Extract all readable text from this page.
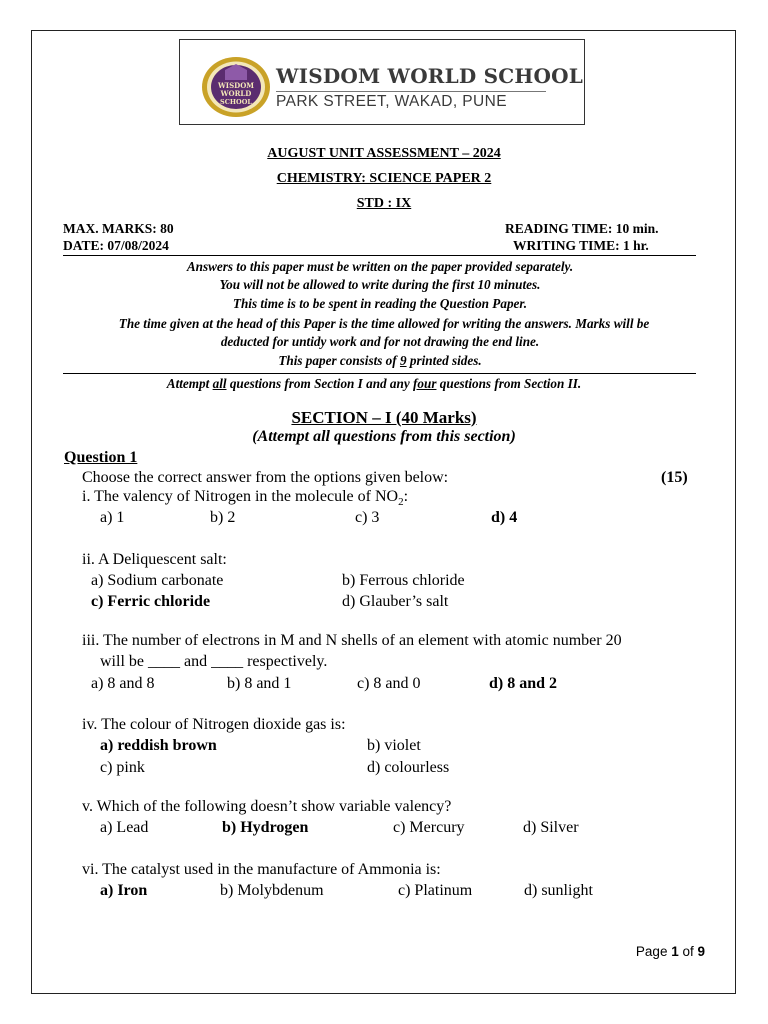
WISDOM
WORLD
SCHOOL
WISDOM WORLD SCHOOL
PARK STREET, WAKAD, PUNE
AUGUST UNIT ASSESSMENT – 2024
CHEMISTRY: SCIENCE PAPER 2
STD : IX
MAX. MARKS: 80
DATE: 07/08/2024
READING TIME: 10 min.
WRITING TIME: 1 hr.
Answers to this paper must be written on the paper provided separately.
You will not be allowed to write during the first 10 minutes.
This time is to be spent in reading the Question Paper.
The time given at the head of this Paper is the time allowed for writing the answers. Marks will be
deducted for untidy work and for not drawing the end line.
This paper consists of 9 printed sides.
Attempt all questions from Section I and any four questions from Section II.
SECTION – I (40 Marks)
(Attempt all questions from this section)
Question 1
Choose the correct answer from the options given below:	(15)
i. The valency of Nitrogen in the molecule of $NO_2$:
a) 1	b) 2	c) 3	d) 4
ii. A Deliquescent salt:
a) Sodium carbonate	b) Ferrous chloride
c) Ferric chloride	d) Glauber’s salt
iii. The number of electrons in M and N shells of an element with atomic number 20
will be ____ and ____ respectively.
a) 8 and 8	b) 8 and 1	c) 8 and 0	d) 8 and 2
iv. The colour of Nitrogen dioxide gas is:
a) reddish brown	b) violet
c) pink	d) colourless
v. Which of the following doesn’t show variable valency?
a) Lead	b) Hydrogen	c) Mercury	d) Silver
vi. The catalyst used in the manufacture of Ammonia is:
a) Iron	b) Molybdenum	c) Platinum	d) sunlight
Page 1 of 9
